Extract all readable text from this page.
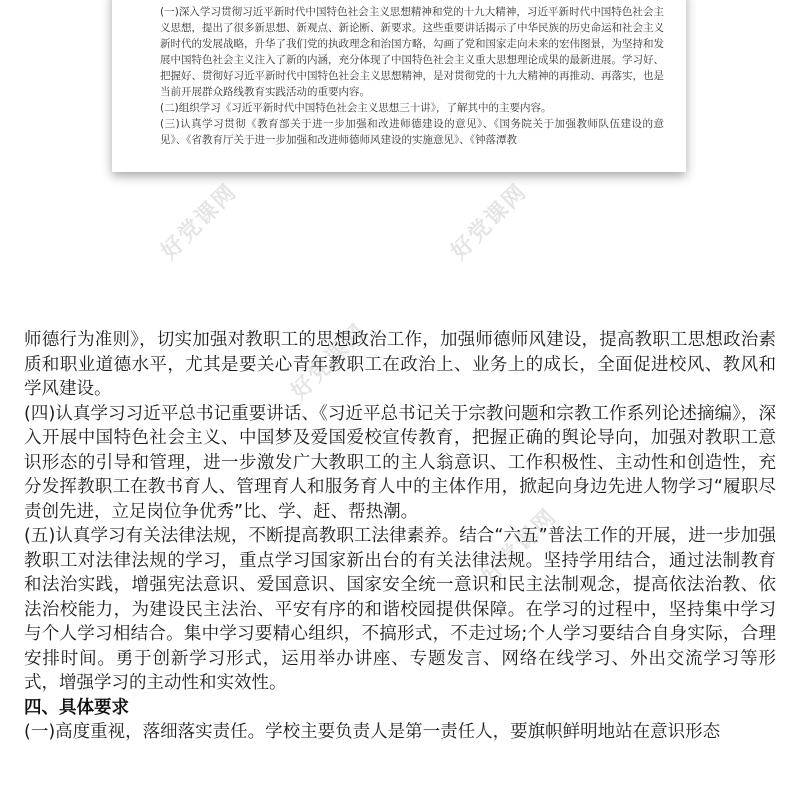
(一)深入学习贯彻习近平新时代中国特色社会主义思想精神和党的十九大精神，习近平新时代中国特色社会主义思想，提出了很多新思想、新观点、新论断、新要求。这些重要讲话揭示了中华民族的历史命运和社会主义新时代的发展战略，升华了我们党的执政理念和治国方略，勾画了党和国家走向未来的宏伟图景，为坚持和发展中国特色社会主义注入了新的内涵，充分体现了中国特色社会主义重大思想理论成果的最新进展。学习好、把握好、贯彻好习近平新时代中国特色社会主义思想精神，是对贯彻党的十九大精神的再推动、再落实，也是当前开展群众路线教育实践活动的重要内容。

(二)组织学习《习近平新时代中国特色社会主义思想三十讲》，了解其中的主要内容。

(三)认真学习贯彻《教育部关于进一步加强和改进师德建设的意见》、《国务院关于加强教师队伍建设的意见》、《省教育厅关于进一步加强和改进师德师风建设的实施意见》、《钟落潭教

好党课网	好党课网
好党课网
好党课网

师德行为准则》，切实加强对教职工的思想政治工作，加强师德师风建设，提高教职工思想政治素质和职业道德水平，尤其是要关心青年教职工在政治上、业务上的成长，全面促进校风、教风和学风建设。

(四)认真学习习近平总书记重要讲话、《习近平总书记关于宗教问题和宗教工作系列论述摘编》，深入开展中国特色社会主义、中国梦及爱国爱校宣传教育，把握正确的舆论导向，加强对教职工意识形态的引导和管理，进一步激发广大教职工的主人翁意识、工作积极性、主动性和创造性，充分发挥教职工在教书育人、管理育人和服务育人中的主体作用，掀起向身边先进人物学习“履职尽责创先进，立足岗位争优秀”比、学、赶、帮热潮。

(五)认真学习有关法律法规，不断提高教职工法律素养。结合“六五”普法工作的开展，进一步加强教职工对法律法规的学习，重点学习国家新出台的有关法律法规。坚持学用结合，通过法制教育和法治实践，增强宪法意识、爱国意识、国家安全统一意识和民主法制观念，提高依法治教、依法治校能力，为建设民主法治、平安有序的和谐校园提供保障。在学习的过程中，坚持集中学习与个人学习相结合。集中学习要精心组织，不搞形式，不走过场;个人学习要结合自身实际，合理安排时间。勇于创新学习形式，运用举办讲座、专题发言、网络在线学习、外出交流学习等形式，增强学习的主动性和实效性。

四、具体要求

(一)高度重视，落细落实责任。学校主要负责人是第一责任人，要旗帜鲜明地站在意识形态
